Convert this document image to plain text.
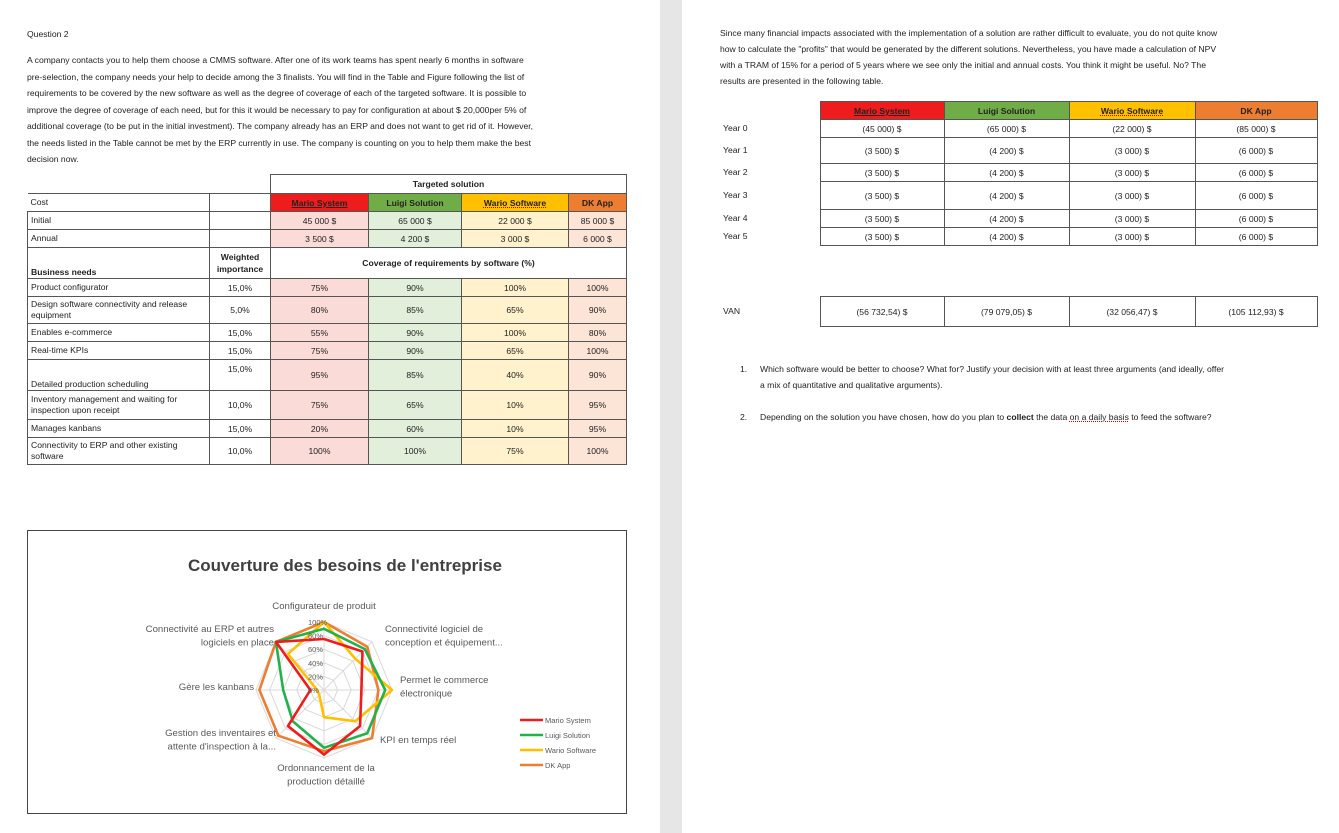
Question 2

A company contacts you to help them choose a CMMS software. After one of its work teams has spent nearly 6 months in software

pre-selection, the company needs your help to decide among the 3 finalists. You will find in the Table and Figure following the list of

requirements to be covered by the new software as well as the degree of coverage of each of the targeted software. It is possible to

improve the degree of coverage of each need, but for this it would be necessary to pay for configuration at about $ 20,000per 5% of

additional coverage (to be put in the initial investment). The company already has an ERP and does not want to get rid of it. However,

the needs listed in the Table cannot be met by the ERP currently in use. The company is counting on you to help them make the best

decision now.

		Targeted solution			
Cost		Mario System	Luigi Solution	Wario Software	DK App
Initial		45 000 $	65 000 $	22 000 $	85 000 $
Annual		3 500 $	4 200 $	3 000 $	6 000 $
Business needs	Weighted
importance	Coverage of requirements by software (%)			
Product configurator	15,0%	75%	90%	100%	100%
Design software connectivity and release equipment	5,0%	80%	85%	65%	90%
Enables e-commerce	15,0%	55%	90%	100%	80%
Real-time KPIs	15,0%	75%	90%	65%	100%
Detailed production scheduling	15,0%	95%	85%	40%	90%
Inventory management and waiting for inspection upon receipt	10,0%	75%	65%	10%	95%
Manages kanbans	15,0%	20%	60%	10%	95%
Connectivity to ERP and other existing software	10,0%	100%	100%	75%	100%
Couverture des besoins de l'entreprise
Configurateur de produit
Connectivité logiciel de conception et équipement...
Permet le commerce électronique
KPI en temps réel
Ordonnancement de la production détaillé
Gestion des inventaires et attente d'inspection à la...
Gère les kanbans
Connectivité au ERP et autres logiciels en place
0%
20%
40%
60%
80%
100%
Mario System
Luigi Solution
Wario Software
DK App

Since many financial impacts associated with the implementation of a solution are rather difficult to evaluate, you do not quite know

how to calculate the "profits" that would be generated by the different solutions. Nevertheless, you have made a calculation of NPV

with a TRAM of 15% for a period of 5 years where we see only the initial and annual costs. You think it might be useful. No? The

results are presented in the following table.

	Mario System	Luigi Solution	Wario Software	DK App
Year 0	(45 000) $	(65 000) $	(22 000) $	(85 000) $
Year 1	(3 500) $	(4 200) $	(3 000) $	(6 000) $
Year 2	(3 500) $	(4 200) $	(3 000) $	(6 000) $
Year 3	(3 500) $	(4 200) $	(3 000) $	(6 000) $
Year 4	(3 500) $	(4 200) $	(3 000) $	(6 000) $
Year 5	(3 500) $	(4 200) $	(3 000) $	(6 000) $
VAN	(56 732,54) $	(79 079,05) $	(32 056,47) $	(105 112,93) $
1. Which software would be better to choose? What for? Justify your decision with at least three arguments (and ideally, offer
a mix of quantitative and qualitative arguments).
2. Depending on the solution you have chosen, how do you plan to collect the data on a daily basis to feed the software?
